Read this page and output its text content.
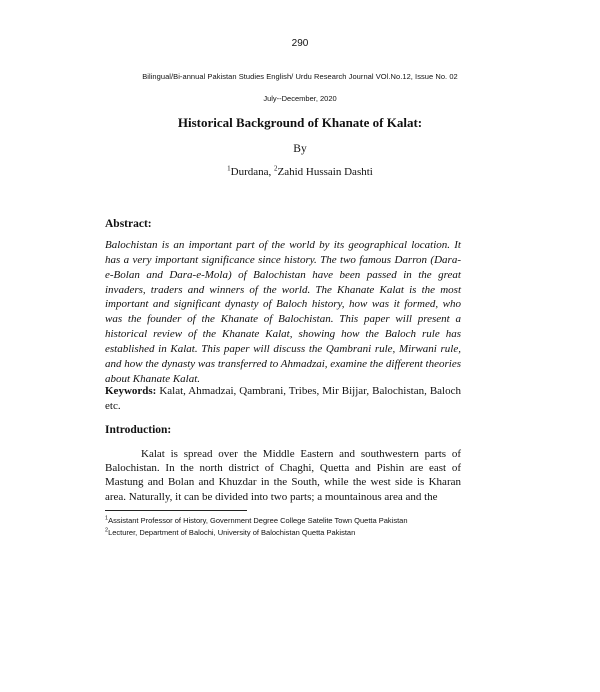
290
Bilingual/Bi-annual Pakistan Studies English/ Urdu Research Journal VOl.No.12, Issue No. 02
July--December, 2020
Historical Background of Khanate of Kalat:
By
$^1$Durdana, $^2$Zahid Hussain Dashti
Abstract:
Balochistan is an important part of the world by its geographical location. It has a very important significance since history. The two famous Darron (Dara-e-Bolan and Dara-e-Mola) of Balochistan have been passed in the great invaders, traders and winners of the world. The Khanate Kalat is the most important and significant dynasty of Baloch history, how was it formed, who was the founder of the Khanate of Balochistan. This paper will present a historical review of the Khanate Kalat, showing how the Baloch rule has established in Kalat. This paper will discuss the Qambrani rule, Mirwani rule, and how the dynasty was transferred to Ahmadzai, examine the different theories about Khanate Kalat.
Keywords: Kalat, Ahmadzai, Qambrani, Tribes, Mir Bijjar, Balochistan, Baloch etc.
Introduction:
Kalat is spread over the Middle Eastern and southwestern parts of Balochistan. In the north district of Chaghi, Quetta and Pishin are east of Mastung and Bolan and Khuzdar in the South, while the west side is Kharan area. Naturally, it can be divided into two parts; a mountainous area and the

$^1$Assistant Professor of History, Government Degree College Satelite Town Quetta Pakistan

$^2$Lecturer, Department of Balochi, University of Balochistan Quetta Pakistan
